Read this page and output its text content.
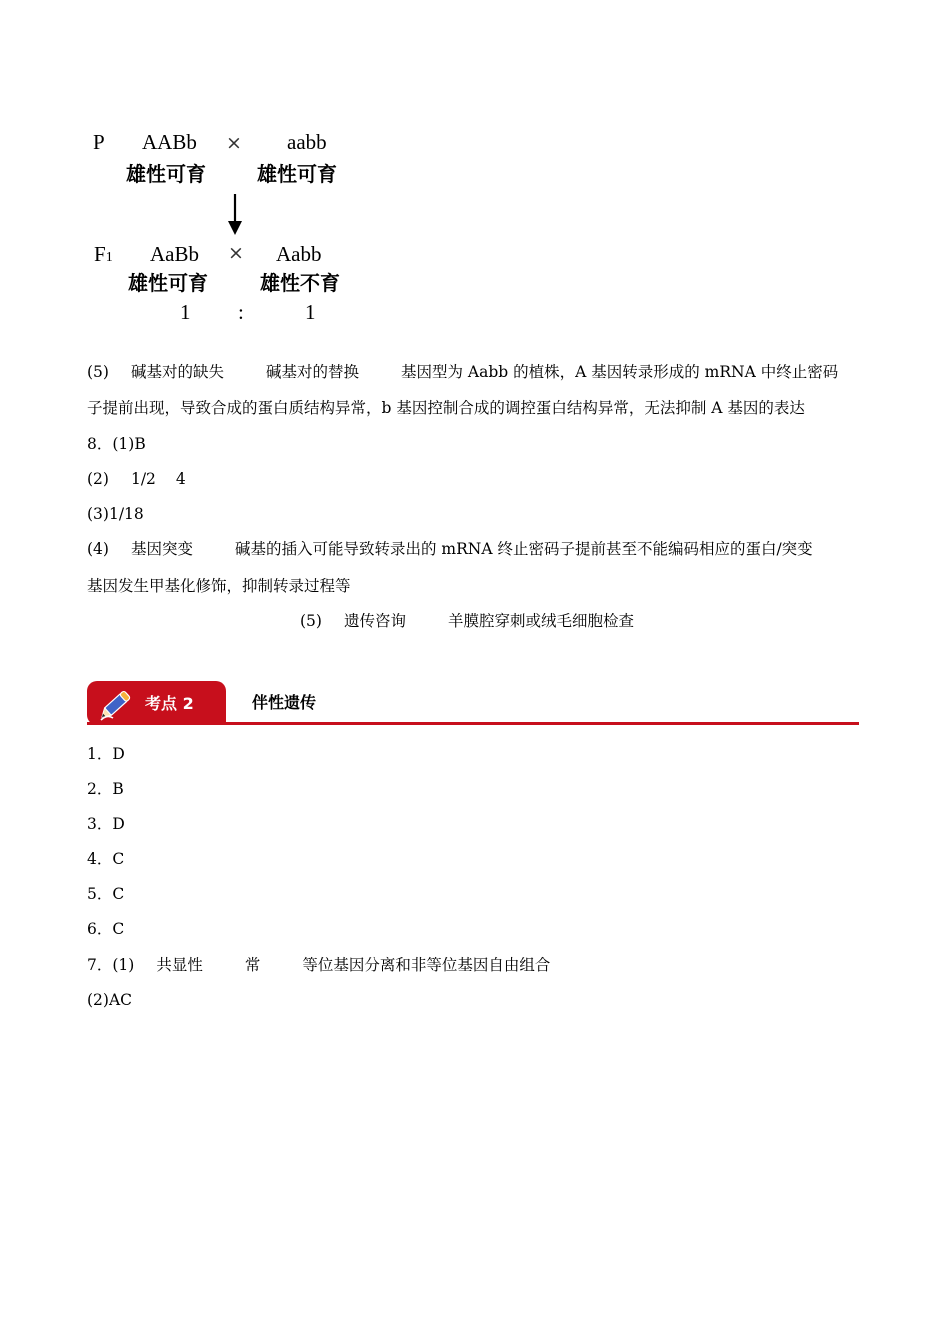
P AABb × aabb
雄性可育	雄性可育
F1 AaBb × Aabb
雄性可育	雄性不育
1 :	1
(5) 碱基对的缺失	碱基对的替换	基因型为 Aabb 的植株，A 基因转录形成的 mRNA 中终止密码
子提前出现，导致合成的蛋白质结构异常，b 基因控制合成的调控蛋白结构异常，无法抑制 A 基因的表达
8．(1)B
(2) 1/2 4
(3)1/18
(4) 基因突变	碱基的插入可能导致转录出的 mRNA 终止密码子提前甚至不能编码相应的蛋白/突变
基因发生甲基化修饰，抑制转录过程等
(5) 遗传咨询	羊膜腔穿刺或绒毛细胞检查
考点 2	伴性遗传
1．D
2．B
3．D
4．C
5．C
6．C
7．(1) 共显性	常	等位基因分离和非等位基因自由组合
(2)AC
